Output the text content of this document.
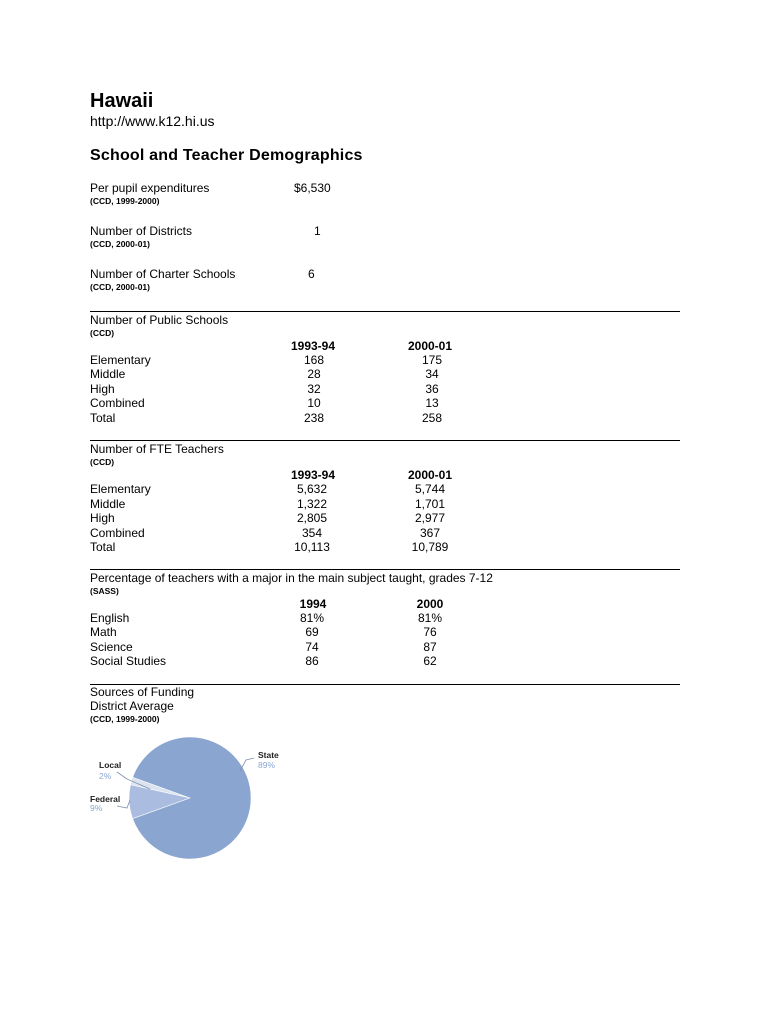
Hawaii
http://www.k12.hi.us
School and Teacher Demographics
Per pupil expenditures
(CCD, 1999-2000)
$6,530
Number of Districts
(CCD, 2000-01)
1
Number of Charter Schools
(CCD, 2000-01)
6
Number of Public Schools
(CCD)
1993-94	2000-01
Elementary	168	175
Middle	28	34
High	32	36
Combined	10	13
Total	238	258
Number of FTE Teachers
(CCD)
1993-94	2000-01
Elementary	5,632	5,744
Middle	1,322	1,701
High	2,805	2,977
Combined	354	367
Total	10,113	10,789
Percentage of teachers with a major in the main subject taught, grades 7-12
(SASS)
1994	2000
English	81%	81%
Math	69	76
Science	74	87
Social Studies	86	62
Sources of Funding
District Average
(CCD, 1999-2000)
State
89%
Local
2%
Federal
9%
